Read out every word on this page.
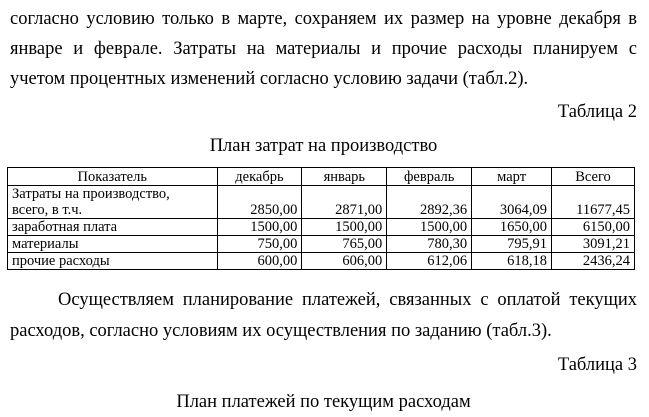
согласно условию только в марте, сохраняем их размер на уровне декабря в
январе и феврале. Затраты на материалы и прочие расходы планируем с
учетом процентных изменений согласно условию задачи (табл.2).
Таблица 2
План затрат на производство
Показатель	декабрь	январь	февраль	март	Всего

Затраты на производство,
всего, в т.ч.	2850,00	2871,00	2892,36	3064,09	11677,45
заработная плата	1500,00	1500,00	1500,00	1650,00	6150,00
материалы	750,00	765,00	780,30	795,91	3091,21
прочие расходы	600,00	606,00	612,06	618,18	2436,24
Осуществляем планирование платежей, связанных с оплатой текущих
расходов, согласно условиям их осуществления по заданию (табл.3).
Таблица 3
План платежей по текущим расходам
